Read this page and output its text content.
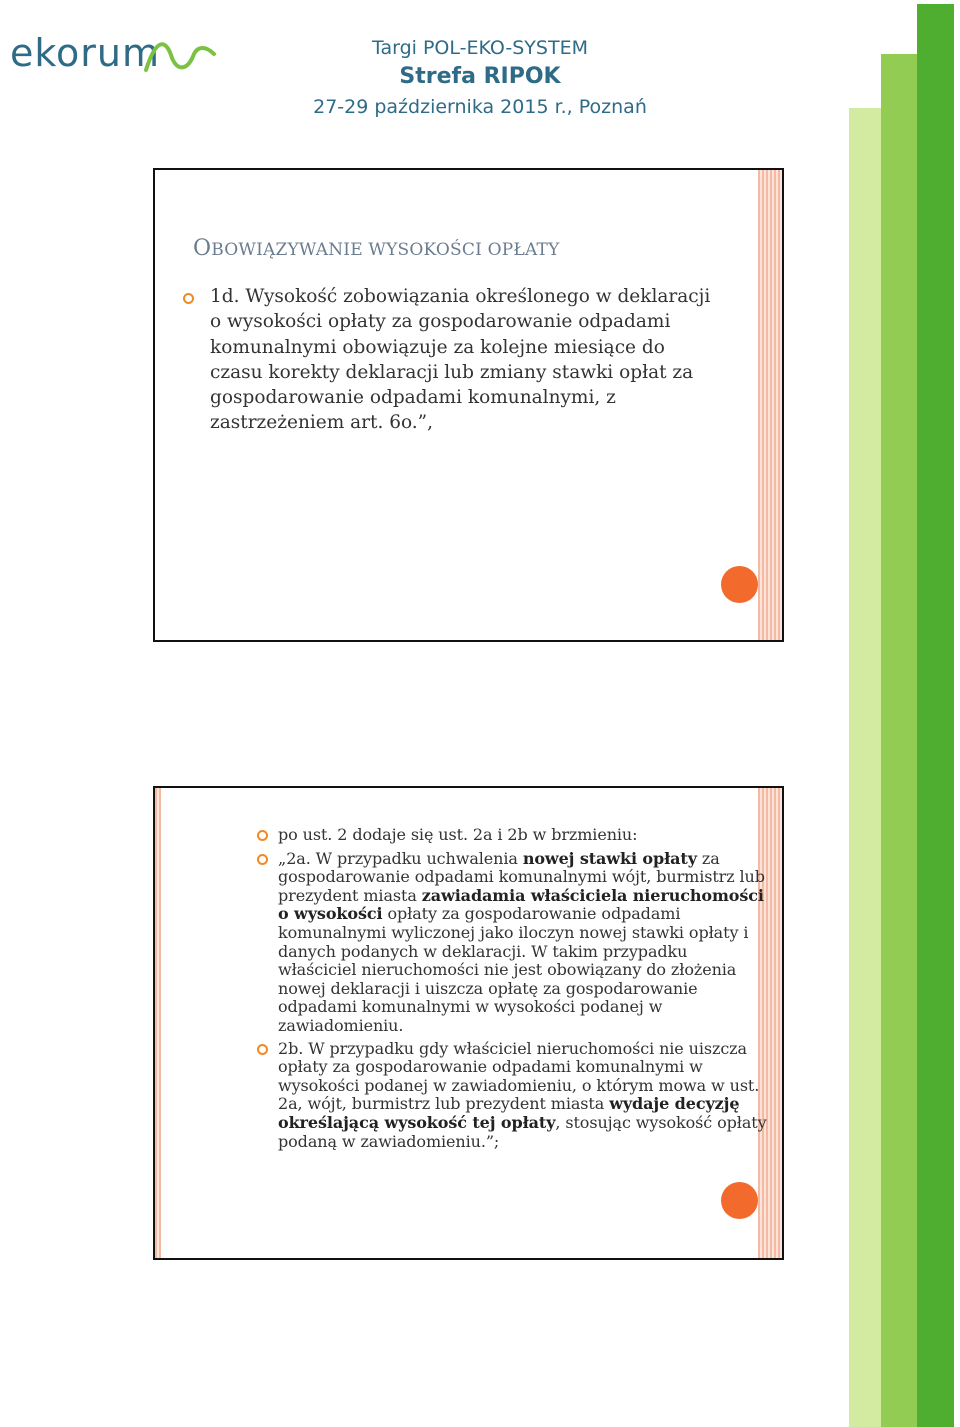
ekorum	Targi POL-EKO-SYSTEM
Strefa RIPOK
27-29 października 2015 r., Poznań
OBOWIĄZYWANIE WYSOKOŚCI OPŁATY
1d. Wysokość zobowiązania określonego w deklaracji o wysokości opłaty za gospodarowanie odpadami komunalnymi obowiązuje za kolejne miesiące do czasu korekty deklaracji lub zmiany stawki opłat za gospodarowanie odpadami komunalnymi, z zastrzeżeniem art. 6o.”,
po ust. 2 dodaje się ust. 2a i 2b w brzmieniu:
„2a. W przypadku uchwalenia nowej stawki opłaty za gospodarowanie odpadami komunalnymi wójt, burmistrz lub prezydent miasta zawiadamia właściciela nieruchomości o wysokości opłaty za gospodarowanie odpadami komunalnymi wyliczonej jako iloczyn nowej stawki opłaty i danych podanych w deklaracji. W takim przypadku właściciel nieruchomości nie jest obowiązany do złożenia nowej deklaracji i uiszcza opłatę za gospodarowanie odpadami komunalnymi w wysokości podanej w zawiadomieniu.
2b. W przypadku gdy właściciel nieruchomości nie uiszcza opłaty za gospodarowanie odpadami komunalnymi w wysokości podanej w zawiadomieniu, o którym mowa w ust. 2a, wójt, burmistrz lub prezydent miasta wydaje decyzję określającą wysokość tej opłaty, stosując wysokość opłaty podaną w zawiadomieniu.”;
